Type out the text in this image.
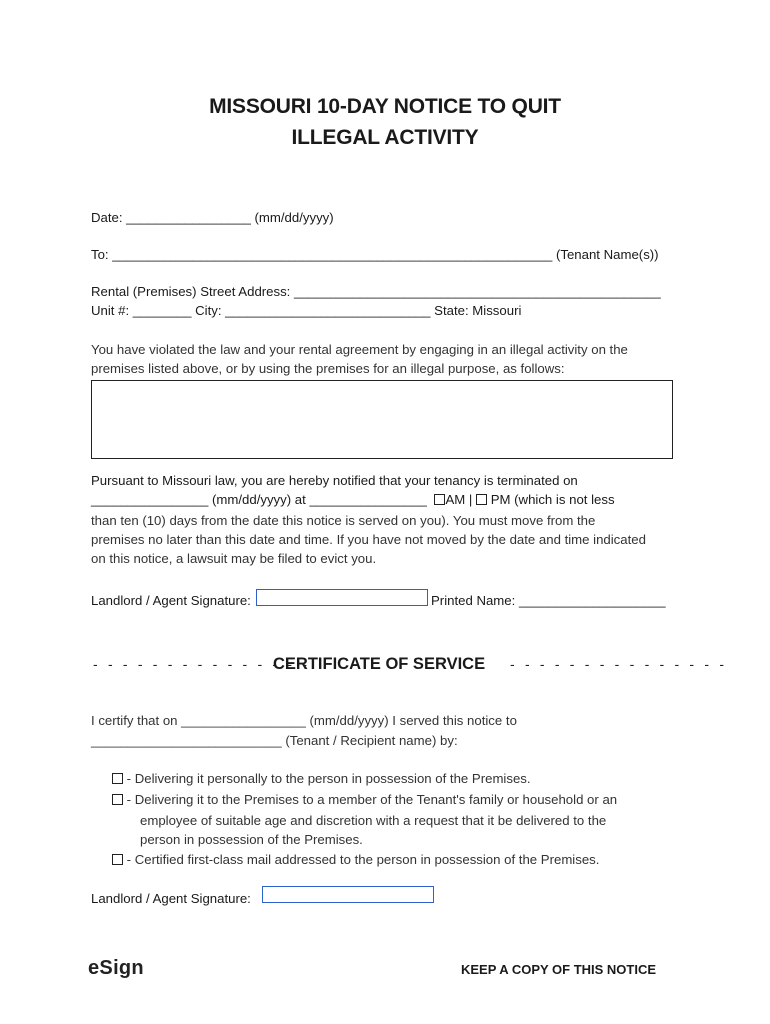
MISSOURI 10-DAY NOTICE TO QUIT
ILLEGAL ACTIVITY
Date: _________________ (mm/dd/yyyy)
To: ____________________________________________________________ (Tenant Name(s))
Rental (Premises) Street Address: __________________________________________________
Unit #: ________ City: ____________________________ State: Missouri
You have violated the law and your rental agreement by engaging in an illegal activity on the
premises listed above, or by using the premises for an illegal purpose, as follows:
Pursuant to Missouri law, you are hereby notified that your tenancy is terminated on
________________ (mm/dd/yyyy) at ________________ AM | PM (which is not less
than ten (10) days from the date this notice is served on you). You must move from the
premises no later than this date and time. If you have not moved by the date and time indicated
on this notice, a lawsuit may be filed to evict you.
Landlord / Agent Signature:	Printed Name: ____________________
- - - - - - - - - - - - - - -
CERTIFICATE OF SERVICE - - - - - - - - - - - - - - -
I certify that on _________________ (mm/dd/yyyy) I served this notice to
__________________________ (Tenant / Recipient name) by:
- Delivering it personally to the person in possession of the Premises.
- Delivering it to the Premises to a member of the Tenant's family or household or an
employee of suitable age and discretion with a request that it be delivered to the
person in possession of the Premises.
- Certified first-class mail addressed to the person in possession of the Premises.
Landlord / Agent Signature:
eSign	KEEP A COPY OF THIS NOTICE
